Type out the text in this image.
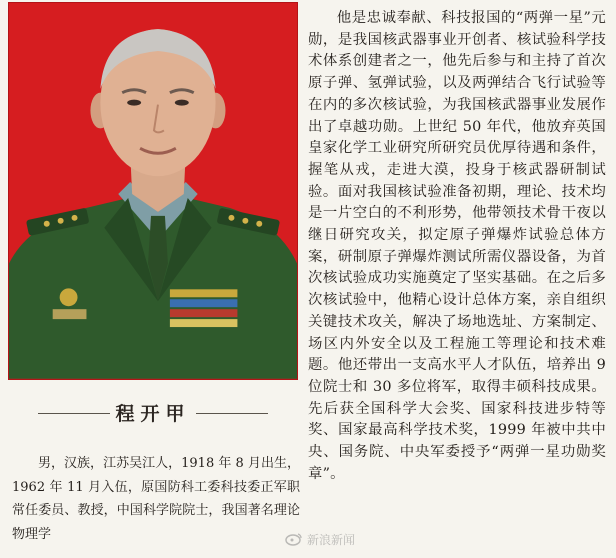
程开甲

男，汉族，江苏吴江人，1918 年 8 月出生，1962 年 11 月入伍，原国防科工委科技委正军职常任委员、教授，中国科学院院士，我国著名理论物理学

他是忠诚奉献、科技报国的“两弹一星”元勋，是我国核武器事业开创者、核试验科学技术体系创建者之一，他先后参与和主持了首次原子弹、氢弹试验，以及两弹结合飞行试验等在内的多次核试验，为我国核武器事业发展作出了卓越功勋。上世纪 50 年代，他放弃英国皇家化学工业研究所研究员优厚待遇和条件，握笔从戎，走进大漠，投身于核武器研制试验。面对我国核试验准备初期，理论、技术均是一片空白的不利形势，他带领技术骨干夜以继日研究攻关，拟定原子弹爆炸试验总体方案，研制原子弹爆炸测试所需仪器设备，为首次核试验成功实施奠定了坚实基础。在之后多次核试验中，他精心设计总体方案，亲自组织关键技术攻关，解决了场地选址、方案制定、场区内外安全以及工程施工等理论和技术难题。他还带出一支高水平人才队伍，培养出 9 位院士和 30 多位将军，取得丰硕科技成果。先后获全国科学大会奖、国家科技进步特等奖、国家最高科学技术奖，1999 年被中共中央、国务院、中央军委授予“两弹一星功勋奖章”。

新浪新闻
